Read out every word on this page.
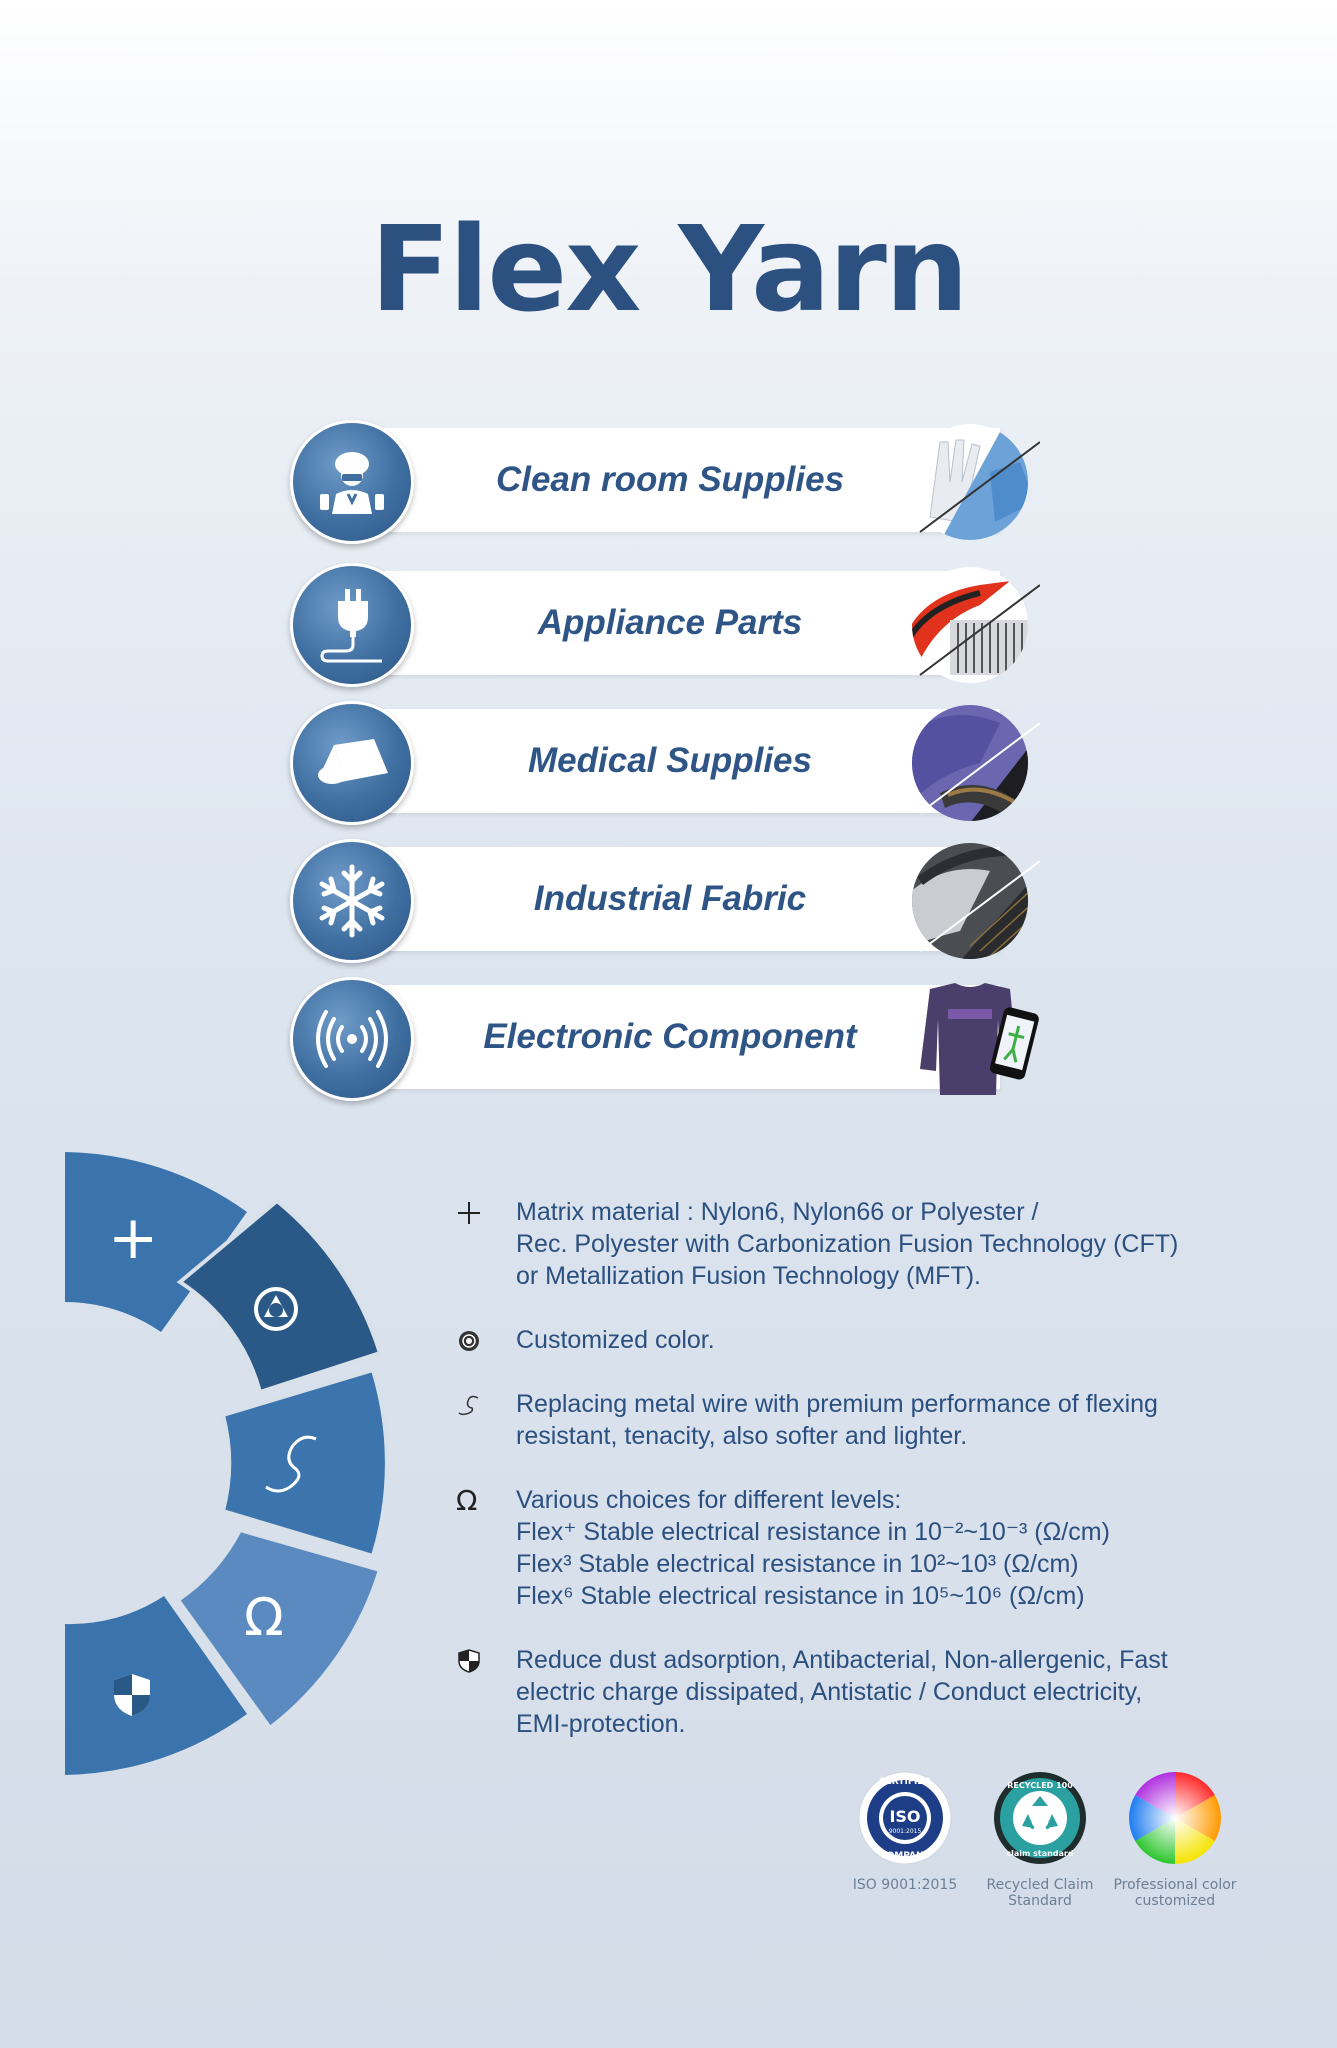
Flex Yarn
Clean room Supplies
Appliance Parts
Medical Supplies
Industrial Fabric
Electronic Component
+
Ω
Matrix material : Nylon6, Nylon66 or Polyester /
Rec. Polyester with Carbonization Fusion Technology (CFT)
or Metallization Fusion Technology (MFT).
Customized color.
Replacing metal wire with premium performance of flexing
resistant, tenacity, also softer and lighter.
Ω Various choices for different levels:
Flex⁺ Stable electrical resistance in 10⁻²~10⁻³ (Ω/cm)
Flex³ Stable electrical resistance in 10²~10³ (Ω/cm)
Flex⁶ Stable electrical resistance in 10⁵~10⁶ (Ω/cm)
Reduce dust adsorption, Antibacterial, Non-allergenic, Fast
electric charge dissipated, Antistatic / Conduct electricity,
EMI-protection.
CERTIFIED
ISO
9001:2015
COMPANY
ISO 9001:2015
RECYCLED 100
claim standard
Recycled Claim
Standard
Professional color
customized
